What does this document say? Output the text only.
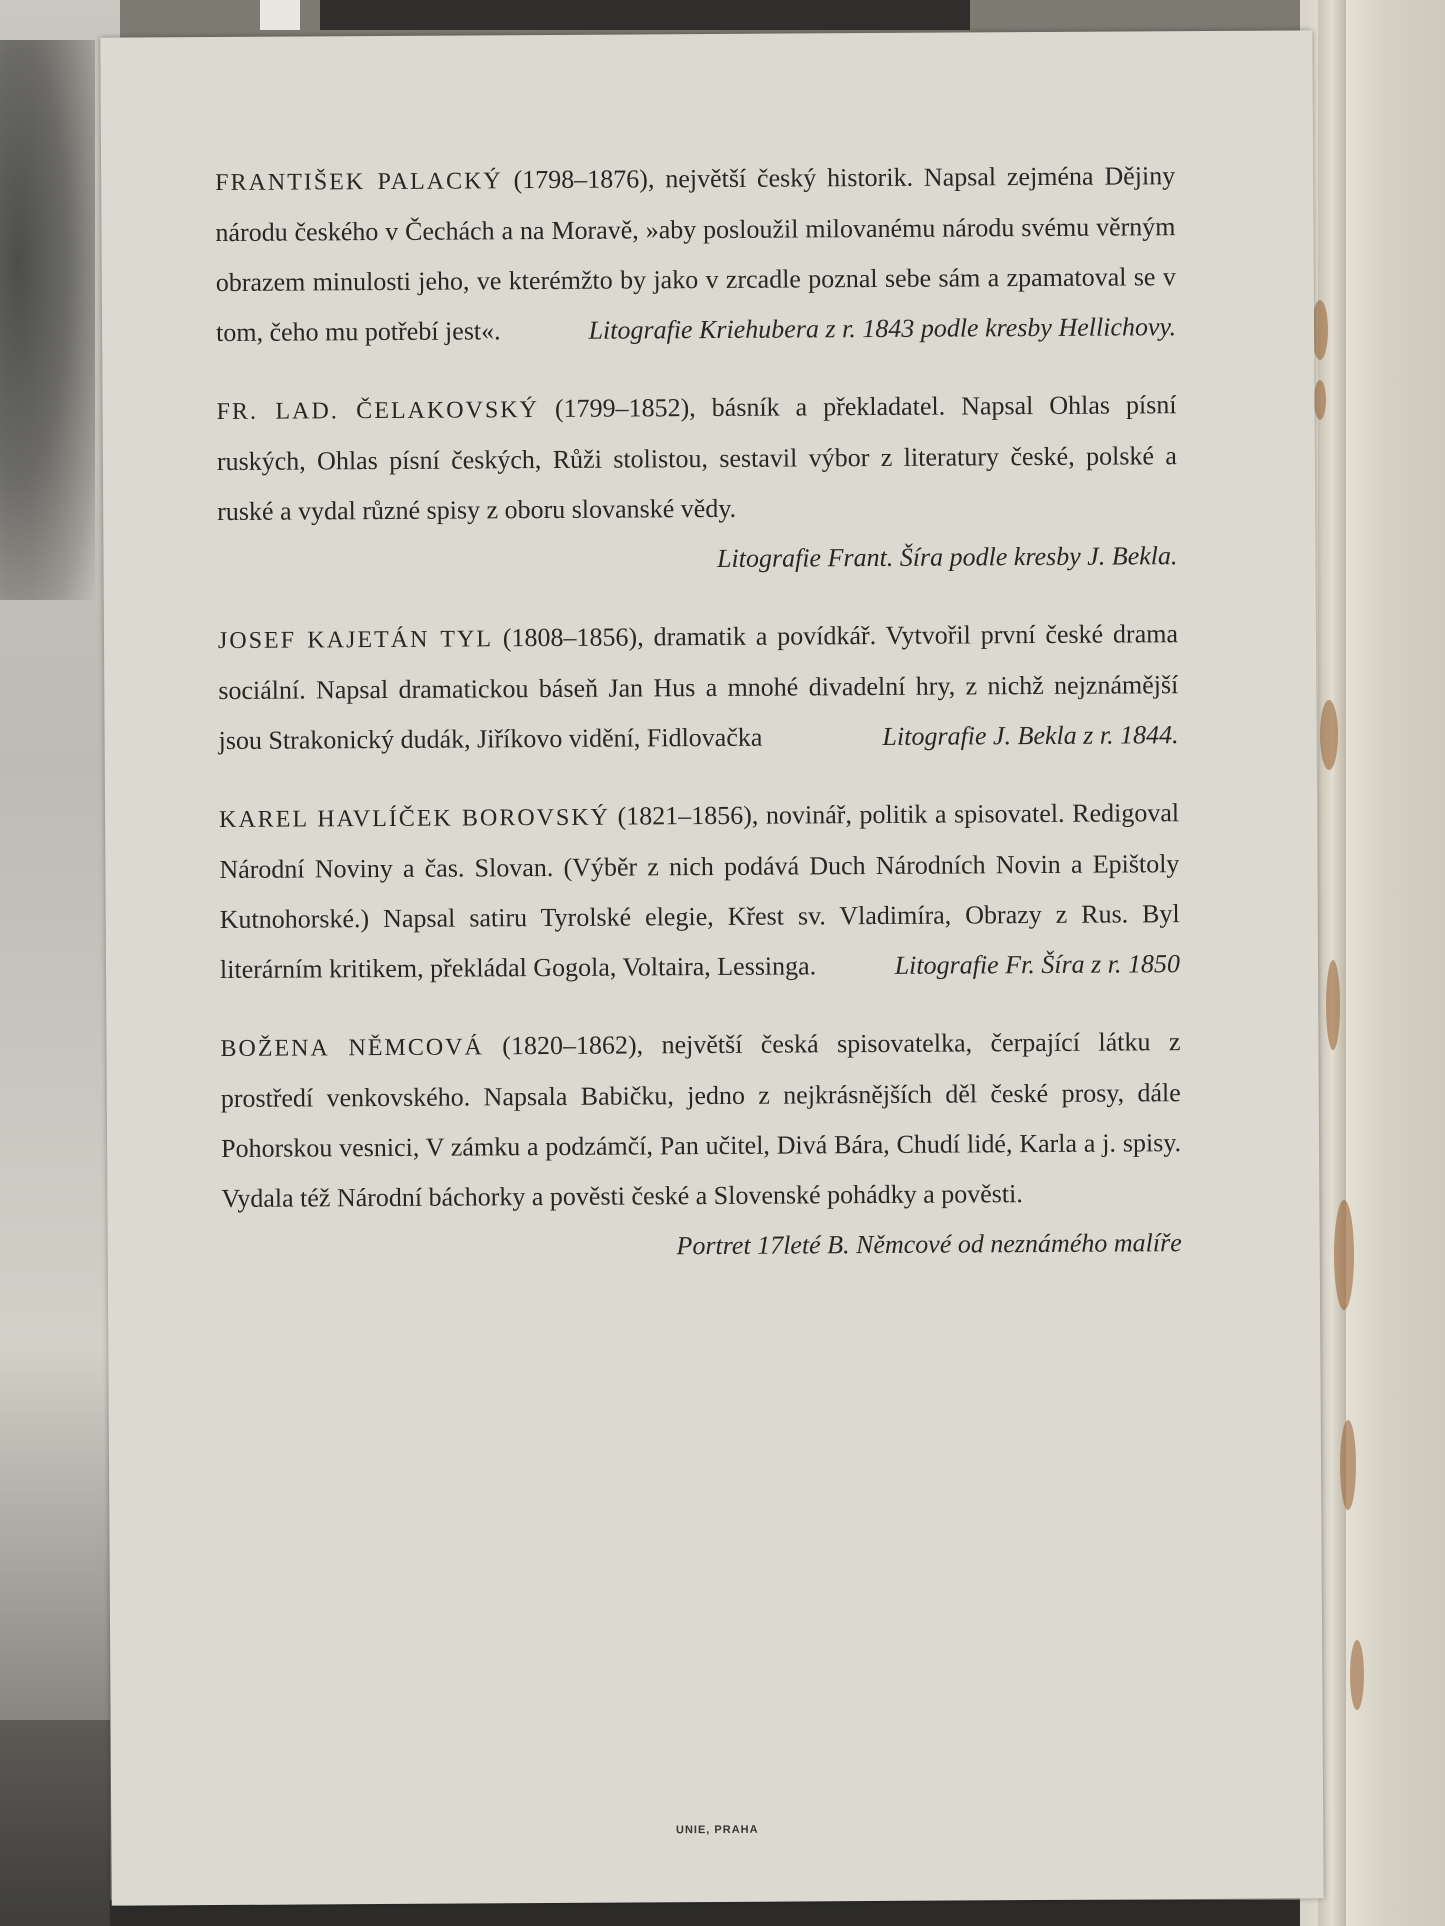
FRANTIŠEK PALACKÝ (1798–1876), největší český historik. Napsal zejména Dějiny národu českého v Čechách a na Moravě, »aby posloužil milovanému národu svému věrným obrazem minulosti jeho, ve kterémžto by jako v zrcadle poznal sebe sám a zpamatoval se v tom, čeho mu potřebí jest«.	Litografie Kriehubera z r. 1843 podle kresby Hellichovy.

FR. LAD. ČELAKOVSKÝ (1799–1852), básník a překladatel. Napsal Ohlas písní ruských, Ohlas písní českých, Růži stolistou, sestavil výbor z literatury české, polské a ruské a vydal různé spisy z oboru slovanské vědy.
Litografie Frant. Šíra podle kresby J. Bekla.

JOSEF KAJETÁN TYL (1808–1856), dramatik a povídkář. Vytvořil první české drama sociální. Napsal dramatickou báseň Jan Hus a mnohé divadelní hry, z nichž nejznámější jsou Strakonický dudák, Jiříkovo vidění, Fidlovačka	Litografie J. Bekla z r. 1844.

KAREL HAVLÍČEK BOROVSKÝ (1821–1856), novinář, politik a spisovatel. Redigoval Národní Noviny a čas. Slovan. (Výběr z nich podává Duch Národních Novin a Epištoly Kutnohorské.) Napsal satiru Tyrolské elegie, Křest sv. Vladimíra, Obrazy z Rus. Byl literárním kritikem, překládal Gogola, Voltaira, Lessinga.	Litografie Fr. Šíra z r. 1850

BOŽENA NĚMCOVÁ (1820–1862), největší česká spisovatelka, čerpající látku z prostředí venkovského. Napsala Babičku, jedno z nejkrásnějších děl české prosy, dále Pohorskou vesnici, V zámku a podzámčí, Pan učitel, Divá Bára, Chudí lidé, Karla a j. spisy. Vydala též Národní báchorky a pověsti české a Slovenské pohádky a pověsti.

Portret 17leté B. Němcové od neznámého malíře
UNIE, PRAHA
